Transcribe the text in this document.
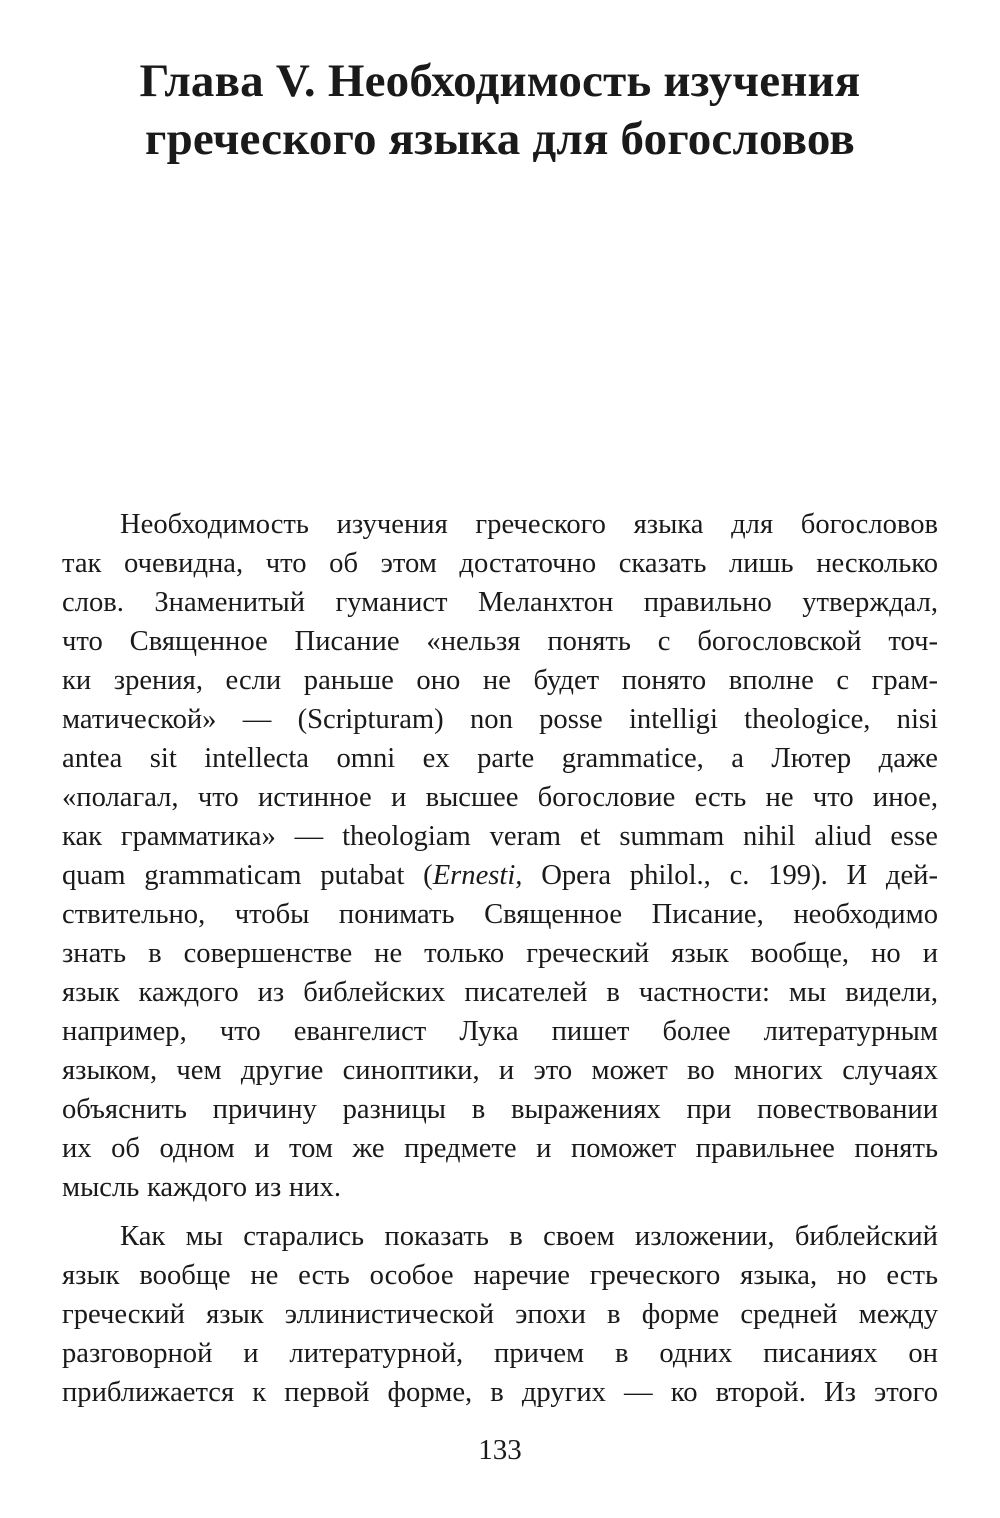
Глава V. Необходимость изучения
греческого языка для богословов

Необходимость изучения греческого языка для богословов
так очевидна, что об этом достаточно сказать лишь несколько
слов. Знаменитый гуманист Меланхтон правильно утверждал,
что Священное Писание «нельзя понять с богословской точ-
ки зрения, если раньше оно не будет понято вполне с грам-
матической» — (Scripturam) non posse intelligi theologice, nisi
antea sit intellecta omni ex parte grammatice, а Лютер даже
«полагал, что истинное и высшее богословие есть не что иное,
как грамматика» — theologiam veram et summam nihil aliud esse
quam grammaticam putabat (Ernesti, Opera philol., с. 199). И дей-
ствительно, чтобы понимать Священное Писание, необходимо
знать в совершенстве не только греческий язык вообще, но и
язык каждого из библейских писателей в частности: мы видели,
например, что евангелист Лука пишет более литературным
языком, чем другие синоптики, и это может во многих случаях
объяснить причину разницы в выражениях при повествовании
их об одном и том же предмете и поможет правильнее понять
мысль каждого из них.

Как мы старались показать в своем изложении, библейский
язык вообще не есть особое наречие греческого языка, но есть
греческий язык эллинистической эпохи в форме средней между
разговорной и литературной, причем в одних писаниях он
приближается к первой форме, в других — ко второй. Из этого

133
